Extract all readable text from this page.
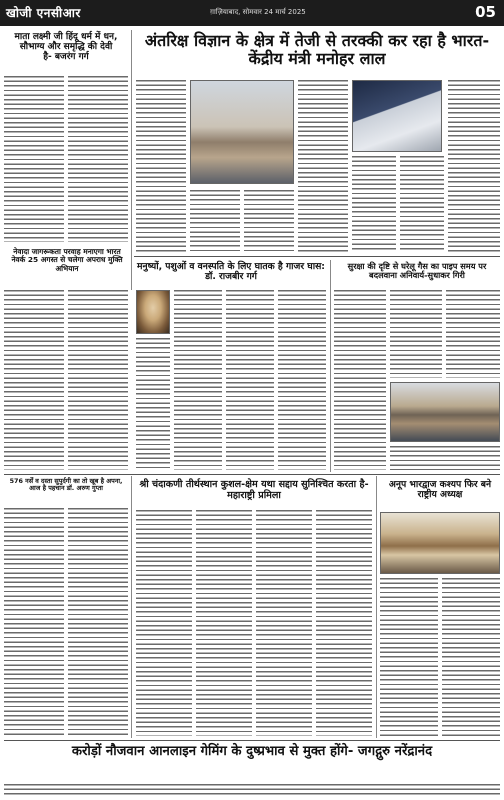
खोजी एनसीआर	ग़ाज़ियाबाद, सोमवार 24 मार्च 2025	05
माता लक्ष्मी जी हिंदू धर्म में धन, सौभाग्य और समृद्धि की देवी है- बजरंग गर्ग
नेवादा जागरूकता परवाह मनाएगा भारत नेवर्क 25 अगस्त से चलेगा अपराध मुक्ति अभियान
अंतरिक्ष विज्ञान के क्षेत्र में तेजी से तरक्की कर रहा है भारत-केंद्रीय मंत्री मनोहर लाल
मनुष्यों, पशुओं व वनस्पति के लिए घातक है गाजर घास: डॉ. राजबीर गर्ग
सुरक्षा की दृष्टि से घरेलू गैस का पाइप समय पर बदलवाना अनिवार्य-सुधाकर गिरी
576 नर्सें व दस्ता सुपुर्दगी का तो खूब है अपना, आज है पहचान डॉ. अरुण गुप्ता	श्री चंदाकणी तीर्थस्थान कुशल-क्षेम यथा सद्दाय सुनिश्चित करता है-महाराष्ट्री प्रमिला
अनूप भारद्वाज कश्यप फिर बने राष्ट्रीय अध्यक्ष
करोड़ों नौजवान आनलाइन गेमिंग के दुष्प्रभाव से मुक्त होंगे- जगद्गुरु नरेंद्रानंद
